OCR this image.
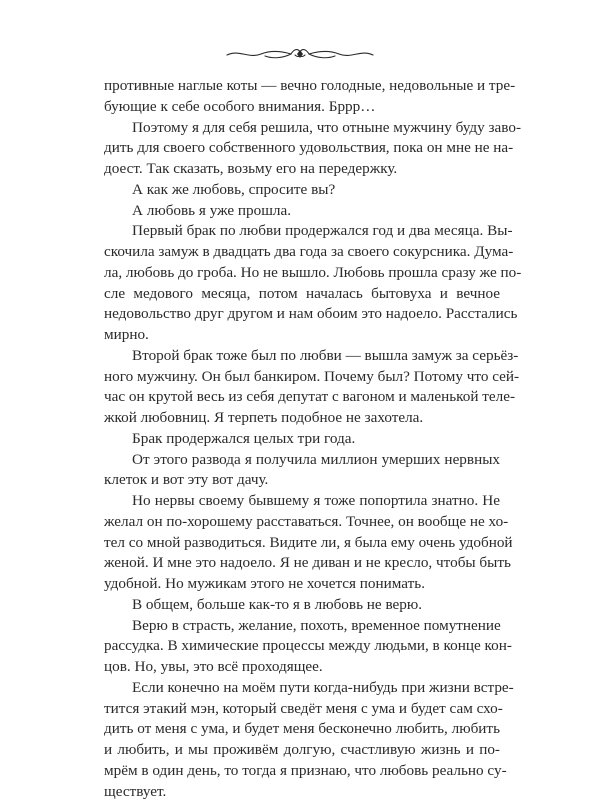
противные наглые коты — вечно голодные, недовольные и тре-
бующие к себе особого внимания. Бррр…
Поэтому я для себя решила, что отныне мужчину буду заво-
дить для своего собственного удовольствия, пока он мне не на-
доест. Так сказать, возьму его на передержку.
А как же любовь, спросите вы?
А любовь я уже прошла.
Первый брак по любви продержался год и два месяца. Вы-
скочила замуж в двадцать два года за своего сокурсника. Дума-
ла, любовь до гроба. Но не вышло. Любовь прошла сразу же по-
сле медового месяца, потом началась бытовуха и вечное
недовольство друг другом и нам обоим это надоело. Расстались
мирно.
Второй брак тоже был по любви — вышла замуж за серьёз-
ного мужчину. Он был банкиром. Почему был? Потому что сей-
час он крутой весь из себя депутат с вагоном и маленькой теле-
жкой любовниц. Я терпеть подобное не захотела.
Брак продержался целых три года.
От этого развода я получила миллион умерших нервных
клеток и вот эту вот дачу.
Но нервы своему бывшему я тоже попортила знатно. Не
желал он по-хорошему расставаться. Точнее, он вообще не хо-
тел со мной разводиться. Видите ли, я была ему очень удобной
женой. И мне это надоело. Я не диван и не кресло, чтобы быть
удобной. Но мужикам этого не хочется понимать.
В общем, больше как-то я в любовь не верю.
Верю в страсть, желание, похоть, временное помутнение
рассудка. В химические процессы между людьми, в конце кон-
цов. Но, увы, это всё проходящее.
Если конечно на моём пути когда-нибудь при жизни встре-
тится этакий мэн, который сведёт меня с ума и будет сам схо-
дить от меня с ума, и будет меня бесконечно любить, любить
и любить, и мы проживём долгую, счастливую жизнь и по-
мрём в один день, то тогда я признаю, что любовь реально су-
ществует.
